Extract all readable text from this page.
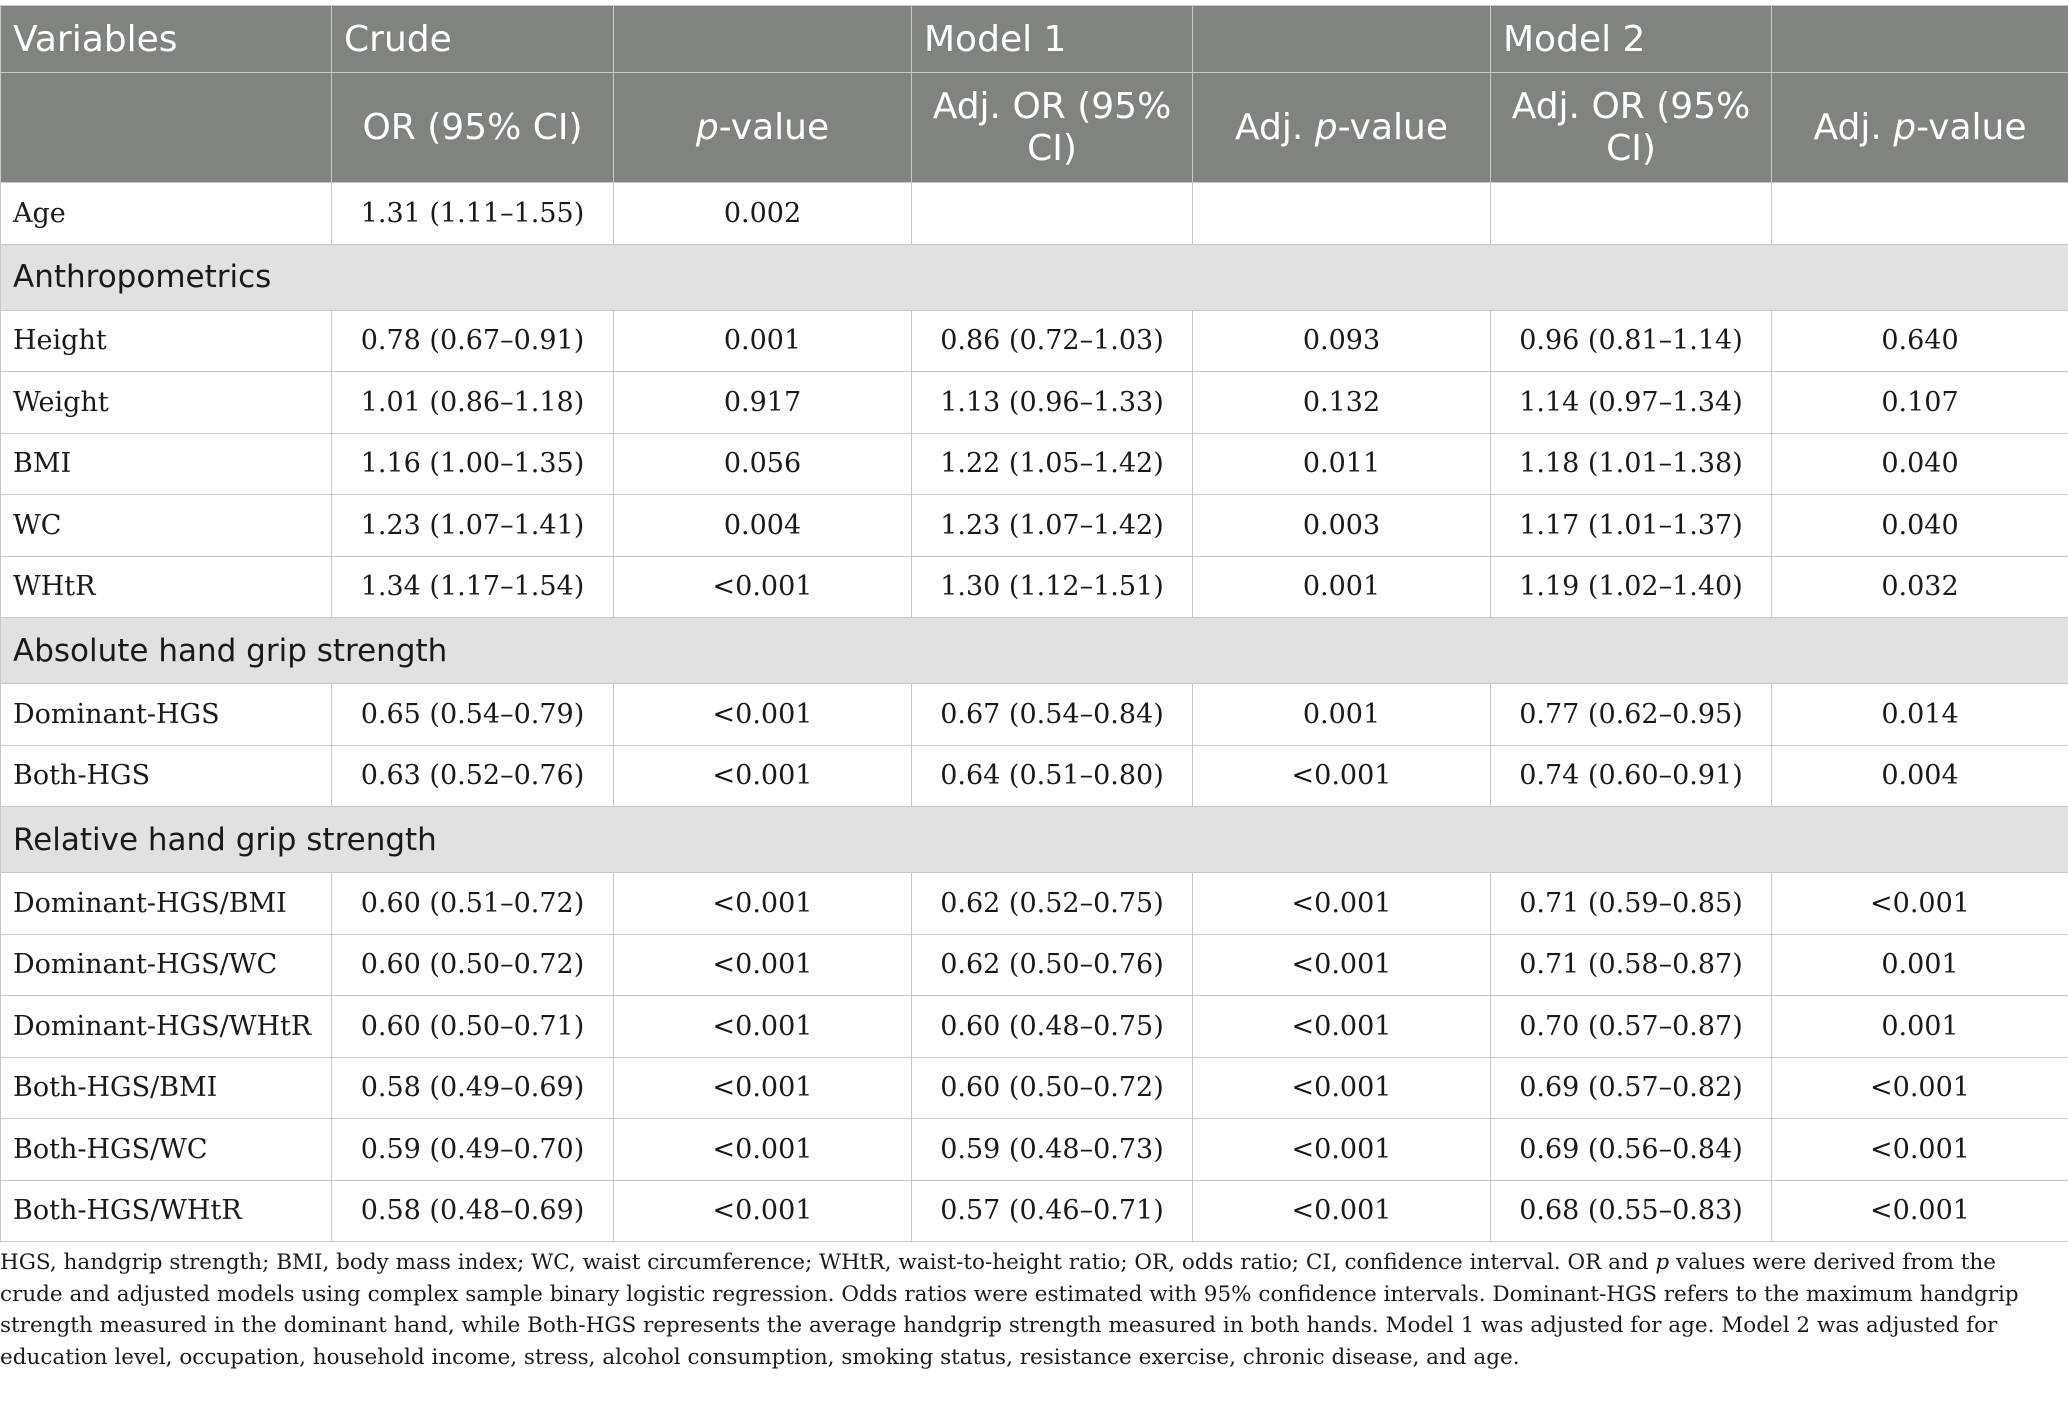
Variables	Crude		Model 1		Model 2	
	OR (95% CI)	p-value	Adj. OR (95% CI)	Adj. p-value	Adj. OR (95% CI)	Adj. p-value
Age	1.31 (1.11–1.55)	0.002				
Anthropometrics						
Height	0.78 (0.67–0.91)	0.001	0.86 (0.72–1.03)	0.093	0.96 (0.81–1.14)	0.640
Weight	1.01 (0.86–1.18)	0.917	1.13 (0.96–1.33)	0.132	1.14 (0.97–1.34)	0.107
BMI	1.16 (1.00–1.35)	0.056	1.22 (1.05–1.42)	0.011	1.18 (1.01–1.38)	0.040
WC	1.23 (1.07–1.41)	0.004	1.23 (1.07–1.42)	0.003	1.17 (1.01–1.37)	0.040
WHtR	1.34 (1.17–1.54)	<0.001	1.30 (1.12–1.51)	0.001	1.19 (1.02–1.40)	0.032
Absolute hand grip strength						
Dominant-HGS	0.65 (0.54–0.79)	<0.001	0.67 (0.54–0.84)	0.001	0.77 (0.62–0.95)	0.014
Both-HGS	0.63 (0.52–0.76)	<0.001	0.64 (0.51–0.80)	<0.001	0.74 (0.60–0.91)	0.004
Relative hand grip strength						
Dominant-HGS/BMI	0.60 (0.51–0.72)	<0.001	0.62 (0.52–0.75)	<0.001	0.71 (0.59–0.85)	<0.001
Dominant-HGS/WC	0.60 (0.50–0.72)	<0.001	0.62 (0.50–0.76)	<0.001	0.71 (0.58–0.87)	0.001
Dominant-HGS/WHtR	0.60 (0.50–0.71)	<0.001	0.60 (0.48–0.75)	<0.001	0.70 (0.57–0.87)	0.001
Both-HGS/BMI	0.58 (0.49–0.69)	<0.001	0.60 (0.50–0.72)	<0.001	0.69 (0.57–0.82)	<0.001
Both-HGS/WC	0.59 (0.49–0.70)	<0.001	0.59 (0.48–0.73)	<0.001	0.69 (0.56–0.84)	<0.001
Both-HGS/WHtR	0.58 (0.48–0.69)	<0.001	0.57 (0.46–0.71)	<0.001	0.68 (0.55–0.83)	<0.001

HGS, handgrip strength; BMI, body mass index; WC, waist circumference; WHtR, waist-to-height ratio; OR, odds ratio; CI, confidence interval. OR and p values were derived from the crude and adjusted models using complex sample binary logistic regression. Odds ratios were estimated with 95% confidence intervals. Dominant-HGS refers to the maximum handgrip strength measured in the dominant hand, while Both-HGS represents the average handgrip strength measured in both hands. Model 1 was adjusted for age. Model 2 was adjusted for education level, occupation, household income, stress, alcohol consumption, smoking status, resistance exercise, chronic disease, and age.
